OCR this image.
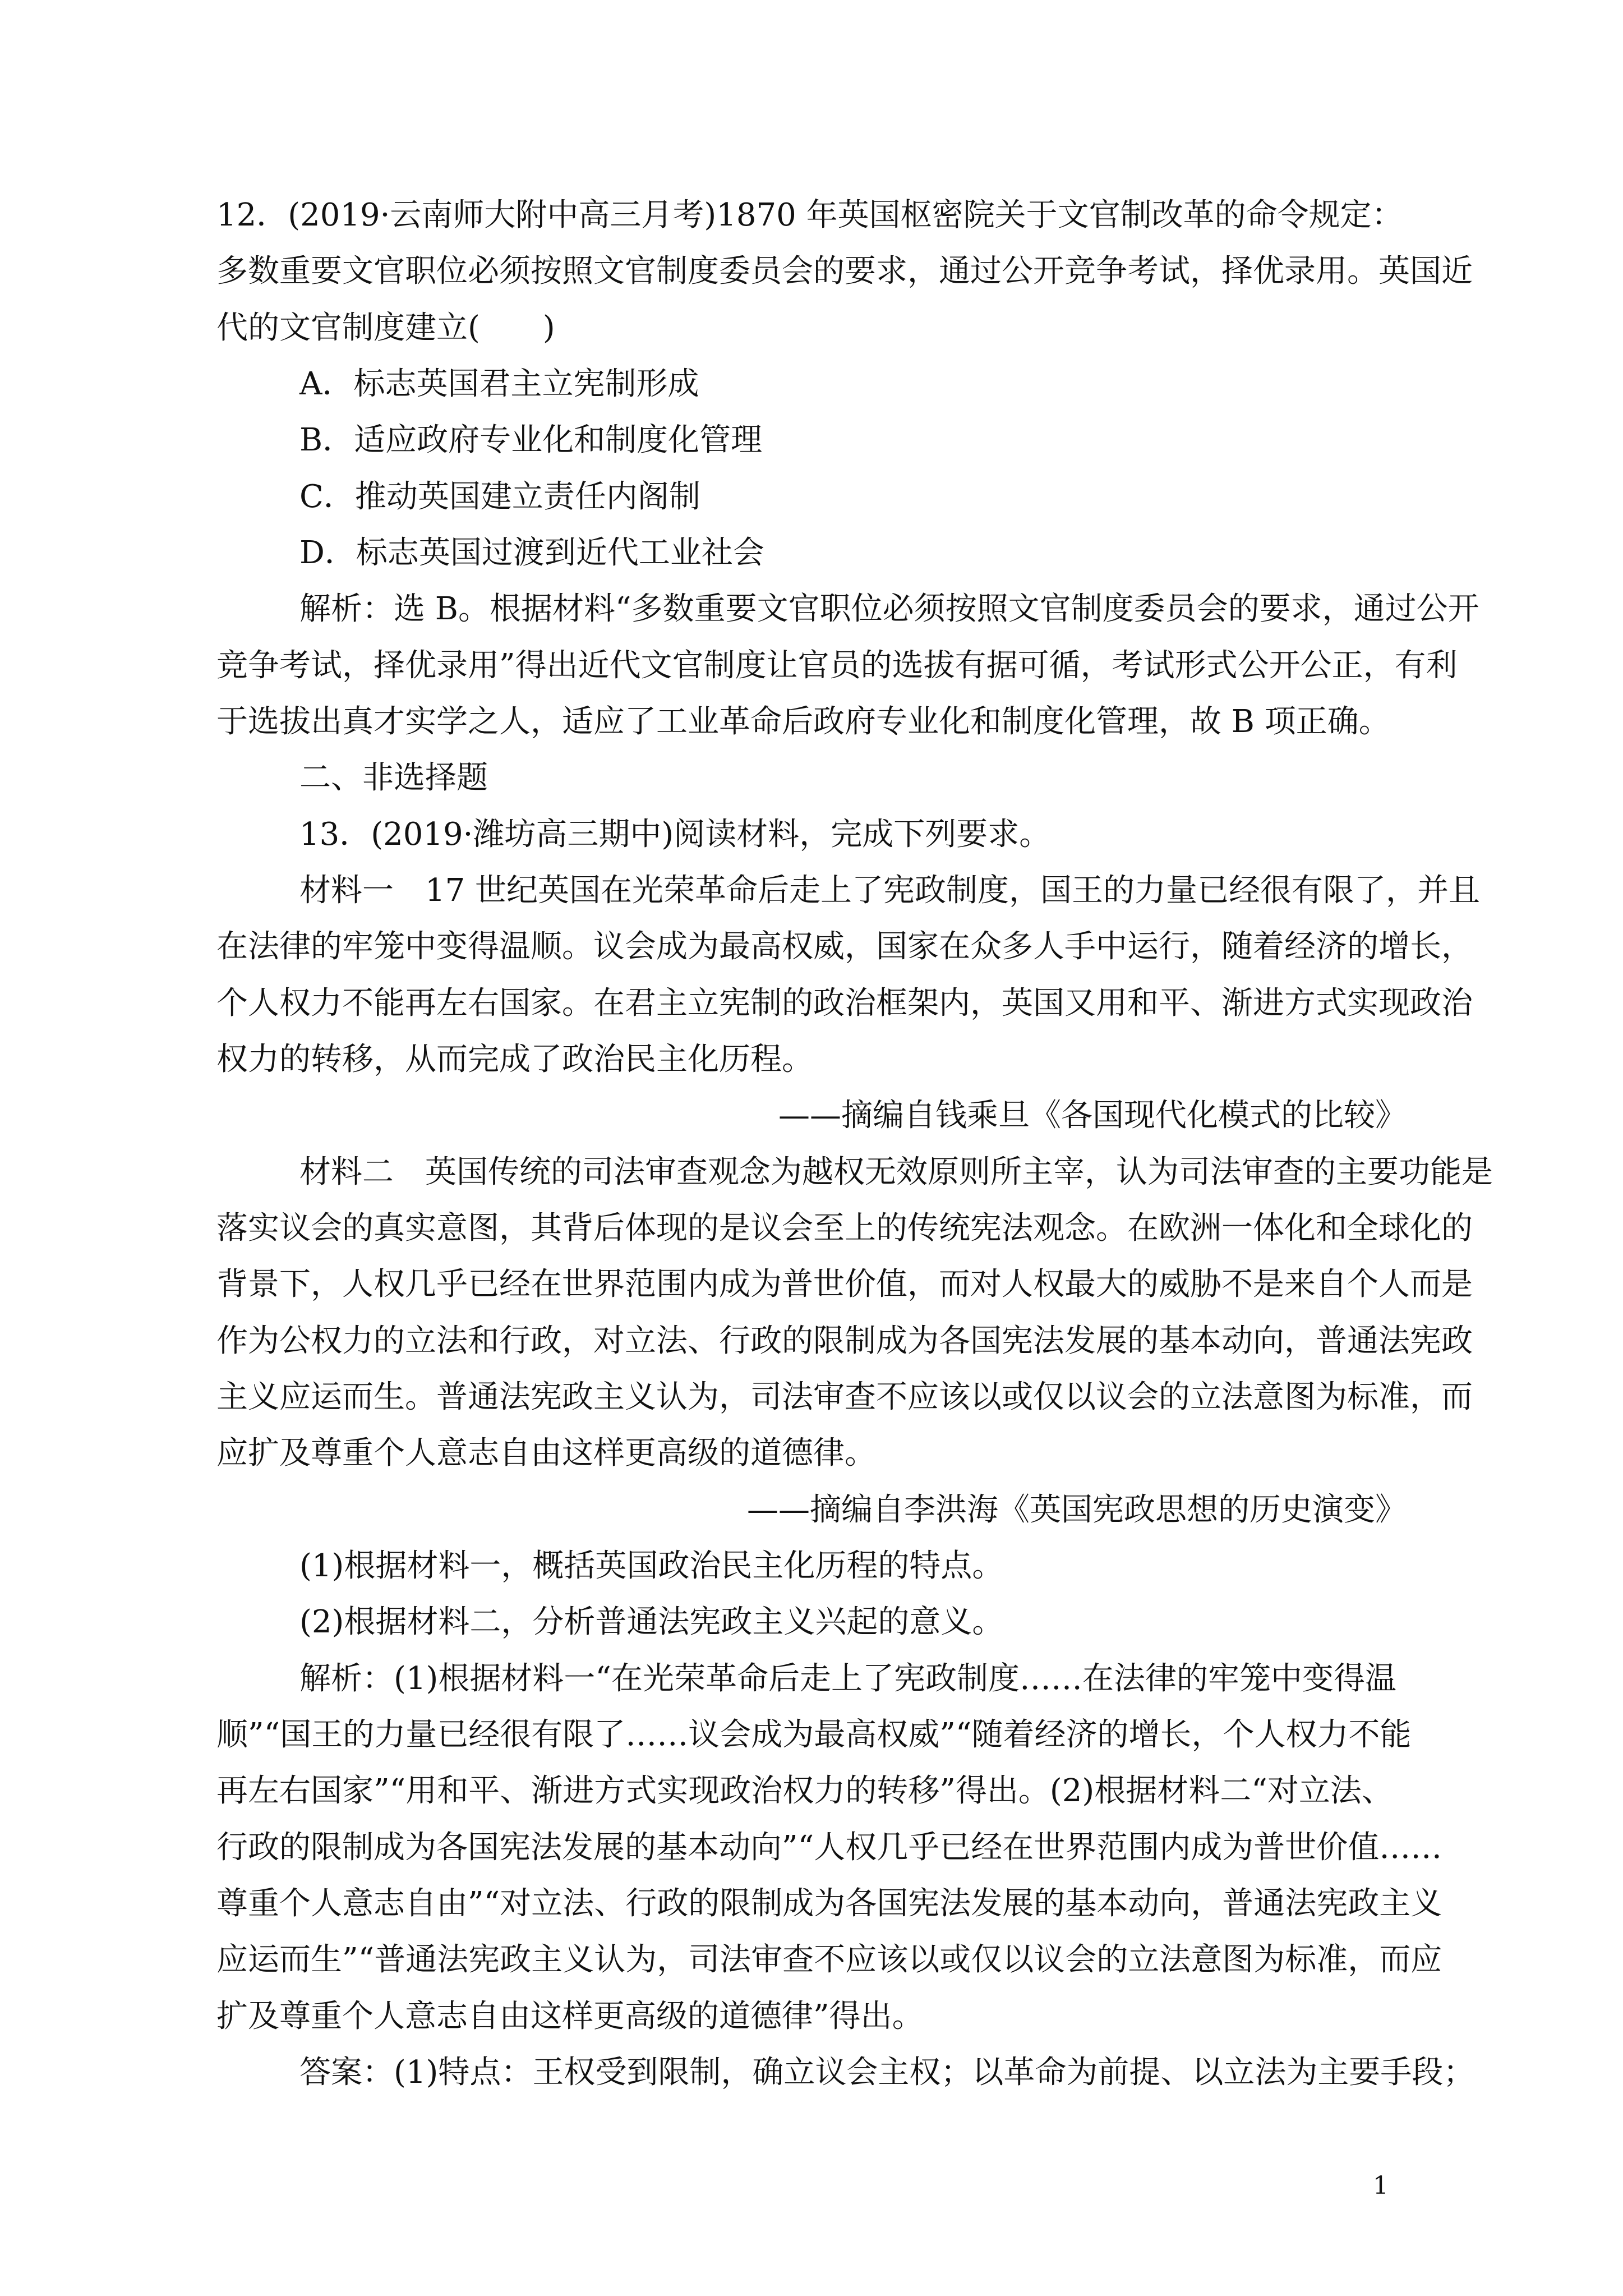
12．(2019·云南师大附中高三月考)1870 年英国枢密院关于文官制改革的命令规定：
多数重要文官职位必须按照文官制度委员会的要求，通过公开竞争考试，择优录用。英国近
代的文官制度建立(　　)
A．标志英国君主立宪制形成
B．适应政府专业化和制度化管理
C．推动英国建立责任内阁制
D．标志英国过渡到近代工业社会
解析：选 B。根据材料“多数重要文官职位必须按照文官制度委员会的要求，通过公开
竞争考试，择优录用”得出近代文官制度让官员的选拔有据可循，考试形式公开公正，有利
于选拔出真才实学之人，适应了工业革命后政府专业化和制度化管理，故 B 项正确。
二、非选择题
13．(2019·潍坊高三期中)阅读材料，完成下列要求。
材料一　17 世纪英国在光荣革命后走上了宪政制度，国王的力量已经很有限了，并且
在法律的牢笼中变得温顺。议会成为最高权威，国家在众多人手中运行，随着经济的增长，
个人权力不能再左右国家。在君主立宪制的政治框架内，英国又用和平、渐进方式实现政治
权力的转移，从而完成了政治民主化历程。
——摘编自钱乘旦《各国现代化模式的比较》
材料二　英国传统的司法审查观念为越权无效原则所主宰，认为司法审查的主要功能是
落实议会的真实意图，其背后体现的是议会至上的传统宪法观念。在欧洲一体化和全球化的
背景下，人权几乎已经在世界范围内成为普世价值，而对人权最大的威胁不是来自个人而是
作为公权力的立法和行政，对立法、行政的限制成为各国宪法发展的基本动向，普通法宪政
主义应运而生。普通法宪政主义认为，司法审查不应该以或仅以议会的立法意图为标准，而
应扩及尊重个人意志自由这样更高级的道德律。
——摘编自李洪海《英国宪政思想的历史演变》
(1)根据材料一，概括英国政治民主化历程的特点。
(2)根据材料二，分析普通法宪政主义兴起的意义。
解析：(1)根据材料一“在光荣革命后走上了宪政制度……在法律的牢笼中变得温
顺”“国王的力量已经很有限了……议会成为最高权威”“随着经济的增长，个人权力不能
再左右国家”“用和平、渐进方式实现政治权力的转移”得出。(2)根据材料二“对立法、
行政的限制成为各国宪法发展的基本动向”“人权几乎已经在世界范围内成为普世价值……
尊重个人意志自由”“对立法、行政的限制成为各国宪法发展的基本动向，普通法宪政主义
应运而生”“普通法宪政主义认为，司法审查不应该以或仅以议会的立法意图为标准，而应
扩及尊重个人意志自由这样更高级的道德律”得出。
答案：(1)特点：王权受到限制，确立议会主权；以革命为前提、以立法为主要手段；
1
